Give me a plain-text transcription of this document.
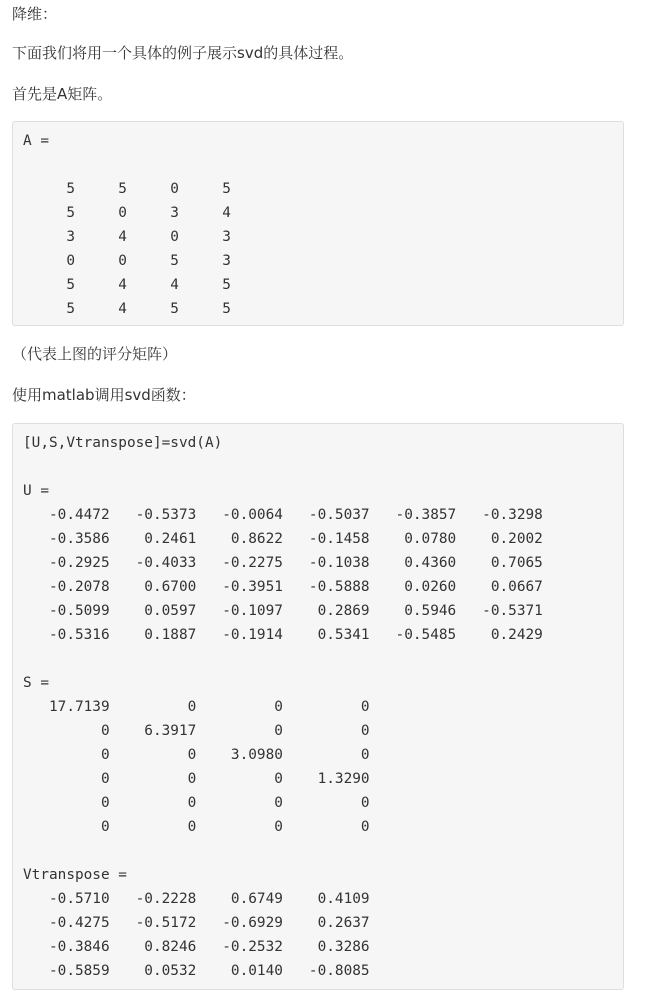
降维：
下面我们将用一个具体的例子展示svd的具体过程。
首先是A矩阵。
A =

5     5     0     5
5     0     3     4
3     4     0     3
0     0     5     3
5     4     4     5
5     4     5     5
（代表上图的评分矩阵）
使用matlab调用svd函数：
[U,S,Vtranspose]=svd(A)

U =
-0.4472   -0.5373   -0.0064   -0.5037   -0.3857   -0.3298
-0.3586    0.2461    0.8622   -0.1458    0.0780    0.2002
-0.2925   -0.4033   -0.2275   -0.1038    0.4360    0.7065
-0.2078    0.6700   -0.3951   -0.5888    0.0260    0.0667
-0.5099    0.0597   -0.1097    0.2869    0.5946   -0.5371
-0.5316    0.1887   -0.1914    0.5341   -0.5485    0.2429

S =
17.7139         0         0         0
0    6.3917         0         0
0         0    3.0980         0
0         0         0    1.3290
0         0         0         0
0         0         0         0

Vtranspose =
-0.5710   -0.2228    0.6749    0.4109
-0.4275   -0.5172   -0.6929    0.2637
-0.3846    0.8246   -0.2532    0.3286
-0.5859    0.0532    0.0140   -0.8085
